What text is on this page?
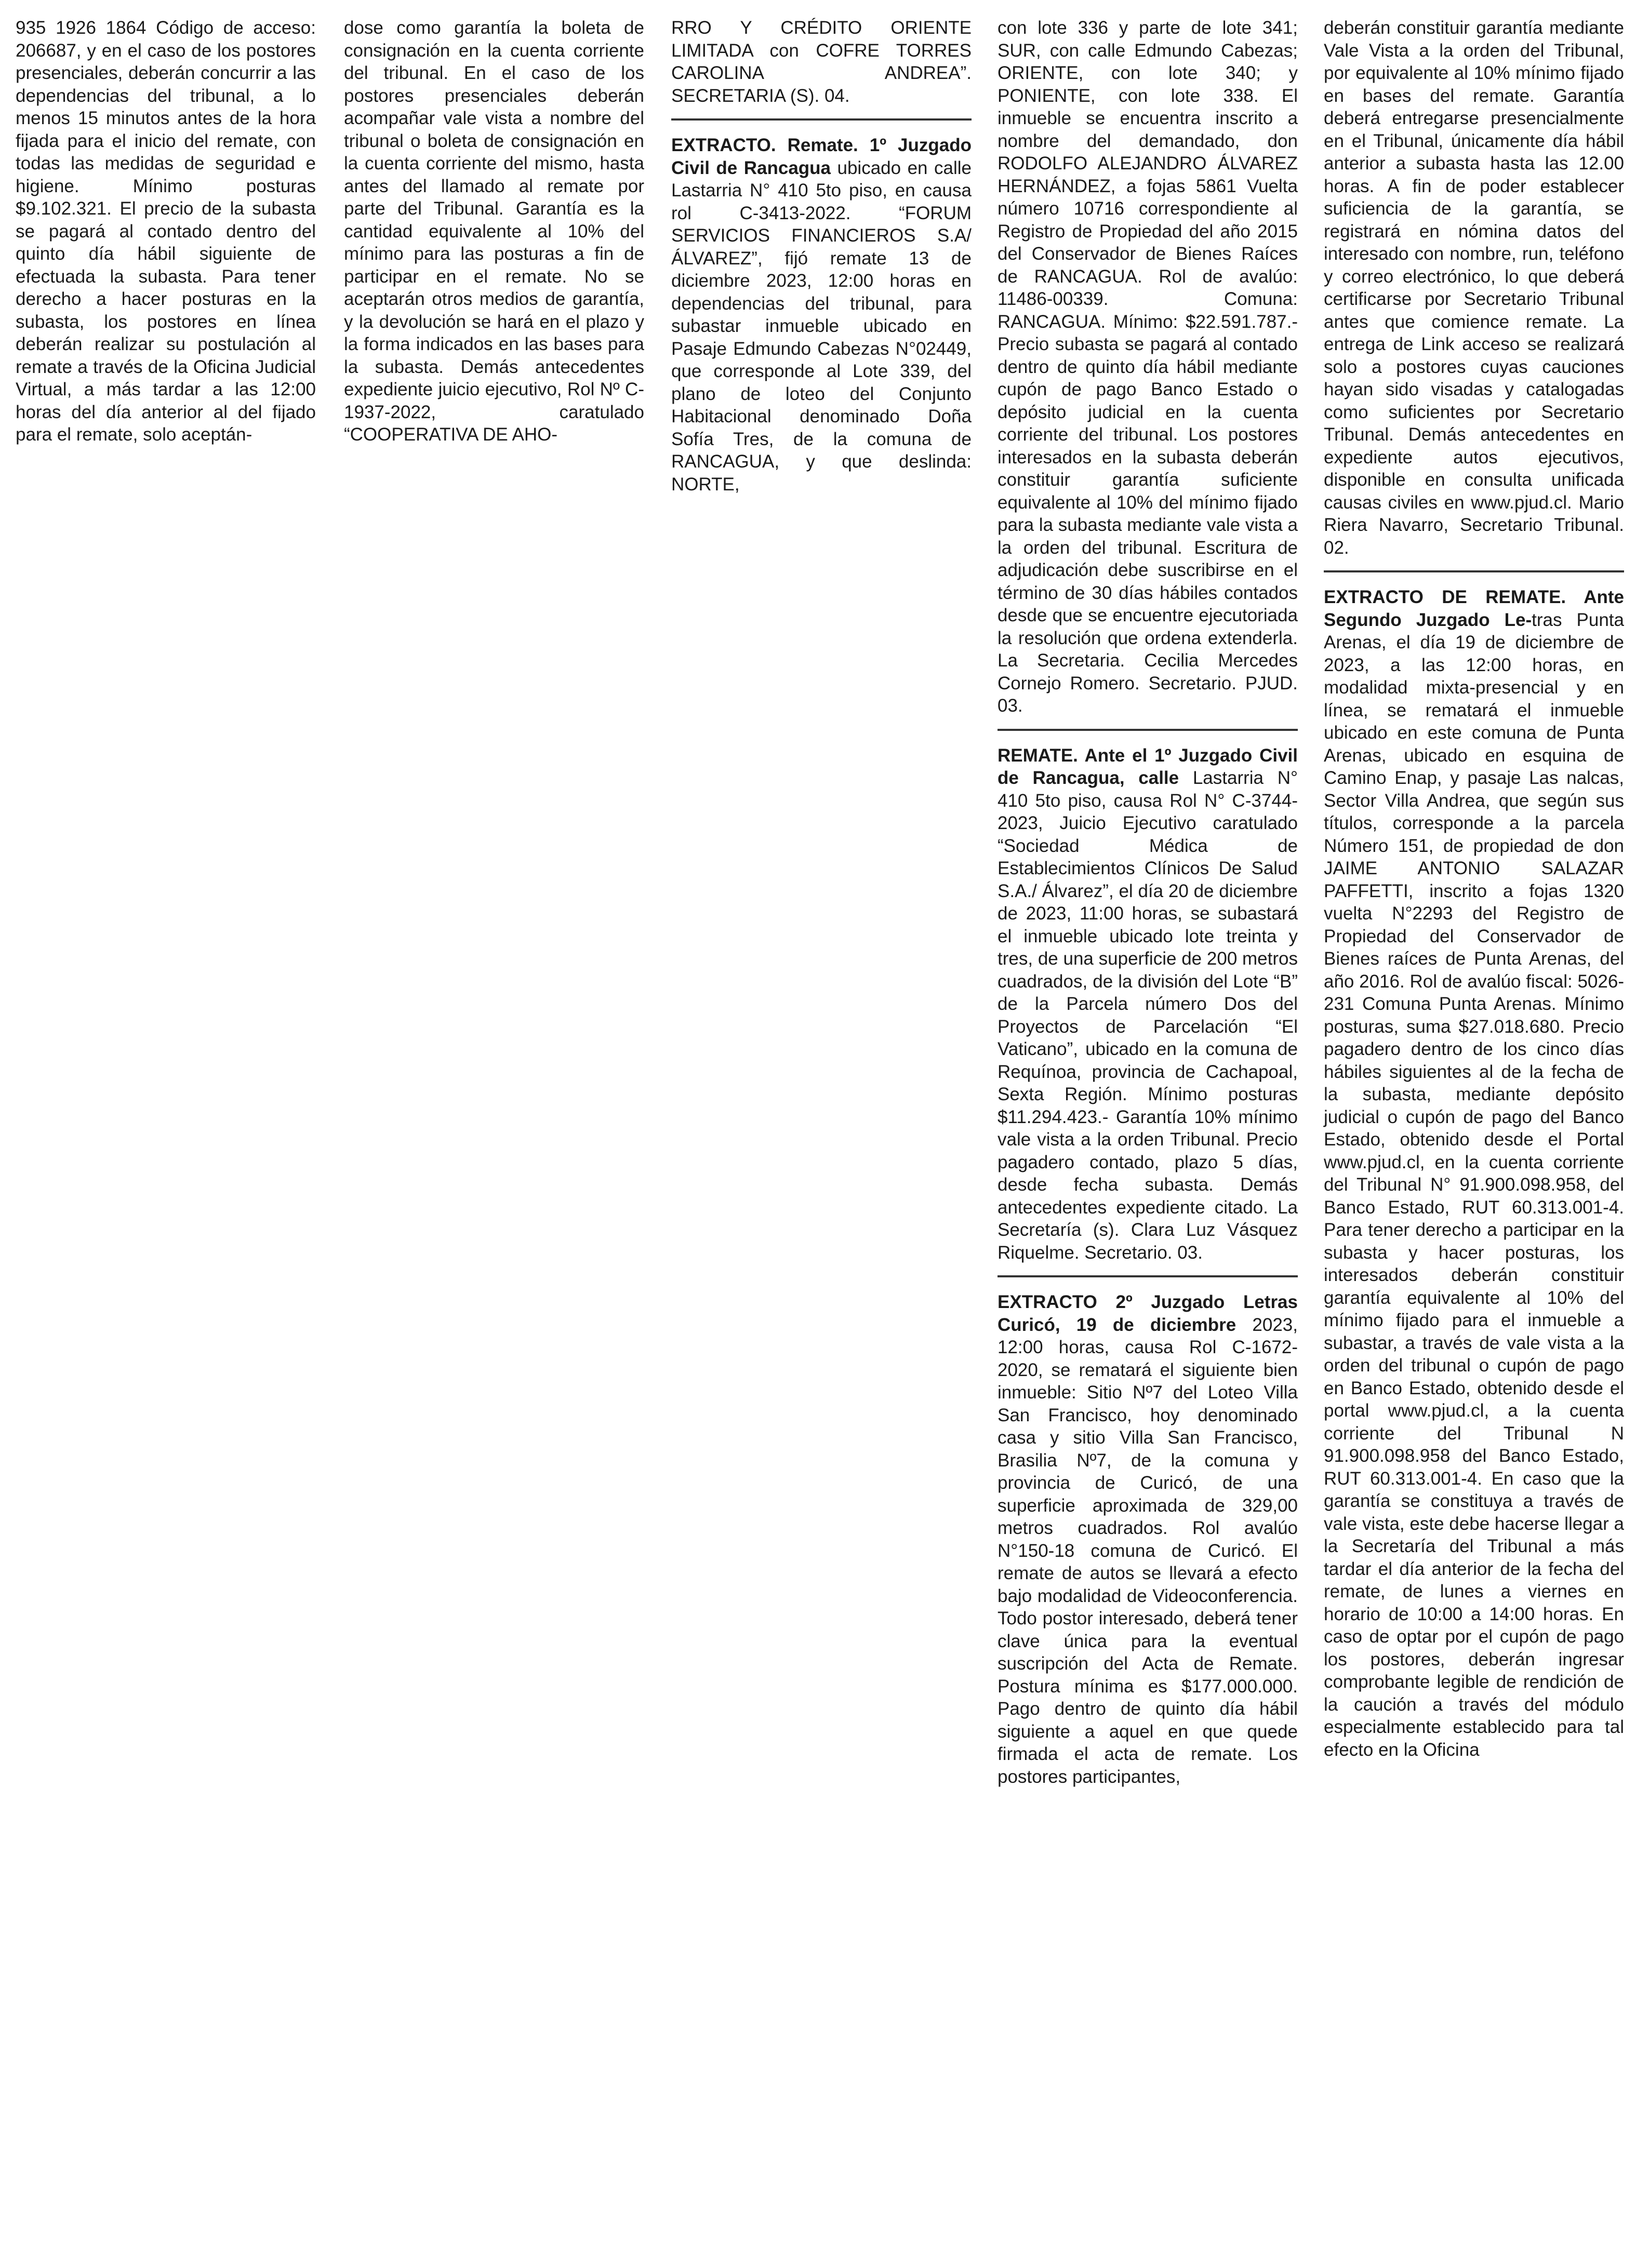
935 1926 1864 Código de acceso: 206687, y en el caso de los postores presenciales, deberán concurrir a las dependencias del tribunal, a lo menos 15 minutos antes de la hora fijada para el inicio del remate, con todas las medidas de seguridad e higiene. Mínimo posturas $9.102.321. El precio de la subasta se pagará al contado dentro del quinto día hábil siguiente de efectuada la subasta. Para tener derecho a hacer posturas en la subasta, los postores en línea deberán realizar su postulación al remate a través de la Oficina Judicial Virtual, a más tardar a las 12:00 horas del día anterior al del fijado para el remate, solo aceptán-

dose como garantía la boleta de consignación en la cuenta corriente del tribunal. En el caso de los postores presenciales deberán acompañar vale vista a nombre del tribunal o boleta de consignación en la cuenta corriente del mismo, hasta antes del llamado al remate por parte del Tribunal. Garantía es la cantidad equivalente al 10% del mínimo para las posturas a fin de participar en el remate. No se aceptarán otros medios de garantía, y la devolución se hará en el plazo y la forma indicados en las bases para la subasta. Demás antecedentes expediente juicio ejecutivo, Rol Nº C-1937-2022, caratulado “COOPERATIVA DE AHO-

RRO Y CRÉDITO ORIENTE LIMITADA con COFRE TORRES CAROLINA ANDREA”. SECRETARIA (S). 04.

EXTRACTO. Remate. 1º Juzgado Civil de Rancagua ubicado en calle Lastarria N° 410 5to piso, en causa rol C-3413-2022. “FORUM SERVICIOS FINANCIEROS S.A/ ÁLVAREZ”, fijó remate 13 de diciembre 2023, 12:00 horas en dependencias del tribunal, para subastar inmueble ubicado en Pasaje Edmundo Cabezas N°02449, que corresponde al Lote 339, del plano de loteo del Conjunto Habitacional denominado Doña Sofía Tres, de la comuna de RANCAGUA, y que deslinda: NORTE,

con lote 336 y parte de lote 341; SUR, con calle Edmundo Cabezas; ORIENTE, con lote 340; y PONIENTE, con lote 338. El inmueble se encuentra inscrito a nombre del demandado, don RODOLFO ALEJANDRO ÁLVAREZ HERNÁNDEZ, a fojas 5861 Vuelta número 10716 correspondiente al Registro de Propiedad del año 2015 del Conservador de Bienes Raíces de RANCAGUA. Rol de avalúo: 11486-00339. Comuna: RANCAGUA. Mínimo: $22.591.787.- Precio subasta se pagará al contado dentro de quinto día hábil mediante cupón de pago Banco Estado o depósito judicial en la cuenta corriente del tribunal. Los postores interesados en la subasta deberán constituir garantía suficiente equivalente al 10% del mínimo fijado para la subasta mediante vale vista a la orden del tribunal. Escritura de adjudicación debe suscribirse en el término de 30 días hábiles contados desde que se encuentre ejecutoriada la resolución que ordena extenderla. La Secretaria. Cecilia Mercedes Cornejo Romero. Secretario. PJUD. 03.

REMATE. Ante el 1º Juzgado Civil de Rancagua, calle Lastarria N° 410 5to piso, causa Rol N° C-3744-2023, Juicio Ejecutivo caratulado “Sociedad Médica de Establecimientos Clínicos De Salud S.A./ Álvarez”, el día 20 de diciembre de 2023, 11:00 horas, se subastará el inmueble ubicado lote treinta y tres, de una superficie de 200 metros cuadrados, de la división del Lote “B” de la Parcela número Dos del Proyectos de Parcelación “El Vaticano”, ubicado en la comuna de Requínoa, provincia de Cachapoal, Sexta Región. Mínimo posturas $11.294.423.- Garantía 10% mínimo vale vista a la orden Tribunal. Precio pagadero contado, plazo 5 días, desde fecha subasta. Demás antecedentes expediente citado. La Secretaría (s). Clara Luz Vásquez Riquelme. Secretario. 03.

EXTRACTO 2º Juzgado Letras Curicó, 19 de diciembre 2023, 12:00 horas, causa Rol C-1672-2020, se rematará el siguiente bien inmueble: Sitio Nº7 del Loteo Villa San Francisco, hoy denominado casa y sitio Villa San Francisco, Brasilia Nº7, de la comuna y provincia de Curicó, de una superficie aproximada de 329,00 metros cuadrados. Rol avalúo N°150-18 comuna de Curicó. El remate de autos se llevará a efecto bajo modalidad de Videoconferencia. Todo postor interesado, deberá tener clave única para la eventual suscripción del Acta de Remate. Postura mínima es $177.000.000. Pago dentro de quinto día hábil siguiente a aquel en que quede firmada el acta de remate. Los postores participantes,

deberán constituir garantía mediante Vale Vista a la orden del Tribunal, por equivalente al 10% mínimo fijado en bases del remate. Garantía deberá entregarse presencialmente en el Tribunal, únicamente día hábil anterior a subasta hasta las 12.00 horas. A fin de poder establecer suficiencia de la garantía, se registrará en nómina datos del interesado con nombre, run, teléfono y correo electrónico, lo que deberá certificarse por Secretario Tribunal antes que comience remate. La entrega de Link acceso se realizará solo a postores cuyas cauciones hayan sido visadas y catalogadas como suficientes por Secretario Tribunal. Demás antecedentes en expediente autos ejecutivos, disponible en consulta unificada causas civiles en www.pjud.cl. Mario Riera Navarro, Secretario Tribunal. 02.

EXTRACTO DE REMATE. Ante Segundo Juzgado Le-tras Punta Arenas, el día 19 de diciembre de 2023, a las 12:00 horas, en modalidad mixta-presencial y en línea, se rematará el inmueble ubicado en este comuna de Punta Arenas, ubicado en esquina de Camino Enap, y pasaje Las nalcas, Sector Villa Andrea, que según sus títulos, corresponde a la parcela Número 151, de propiedad de don JAIME ANTONIO SALAZAR PAFFETTI, inscrito a fojas 1320 vuelta N°2293 del Registro de Propiedad del Conservador de Bienes raíces de Punta Arenas, del año 2016. Rol de avalúo fiscal: 5026-231 Comuna Punta Arenas. Mínimo posturas, suma $27.018.680. Precio pagadero dentro de los cinco días hábiles siguientes al de la fecha de la subasta, mediante depósito judicial o cupón de pago del Banco Estado, obtenido desde el Portal www.pjud.cl, en la cuenta corriente del Tribunal N° 91.900.098.958, del Banco Estado, RUT 60.313.001-4. Para tener derecho a participar en la subasta y hacer posturas, los interesados deberán constituir garantía equivalente al 10% del mínimo fijado para el inmueble a subastar, a través de vale vista a la orden del tribunal o cupón de pago en Banco Estado, obtenido desde el portal www.pjud.cl, a la cuenta corriente del Tribunal N 91.900.098.958 del Banco Estado, RUT 60.313.001-4. En caso que la garantía se constituya a través de vale vista, este debe hacerse llegar a la Secretaría del Tribunal a más tardar el día anterior de la fecha del remate, de lunes a viernes en horario de 10:00 a 14:00 horas. En caso de optar por el cupón de pago los postores, deberán ingresar comprobante legible de rendición de la caución a través del módulo especialmente establecido para tal efecto en la Oficina
